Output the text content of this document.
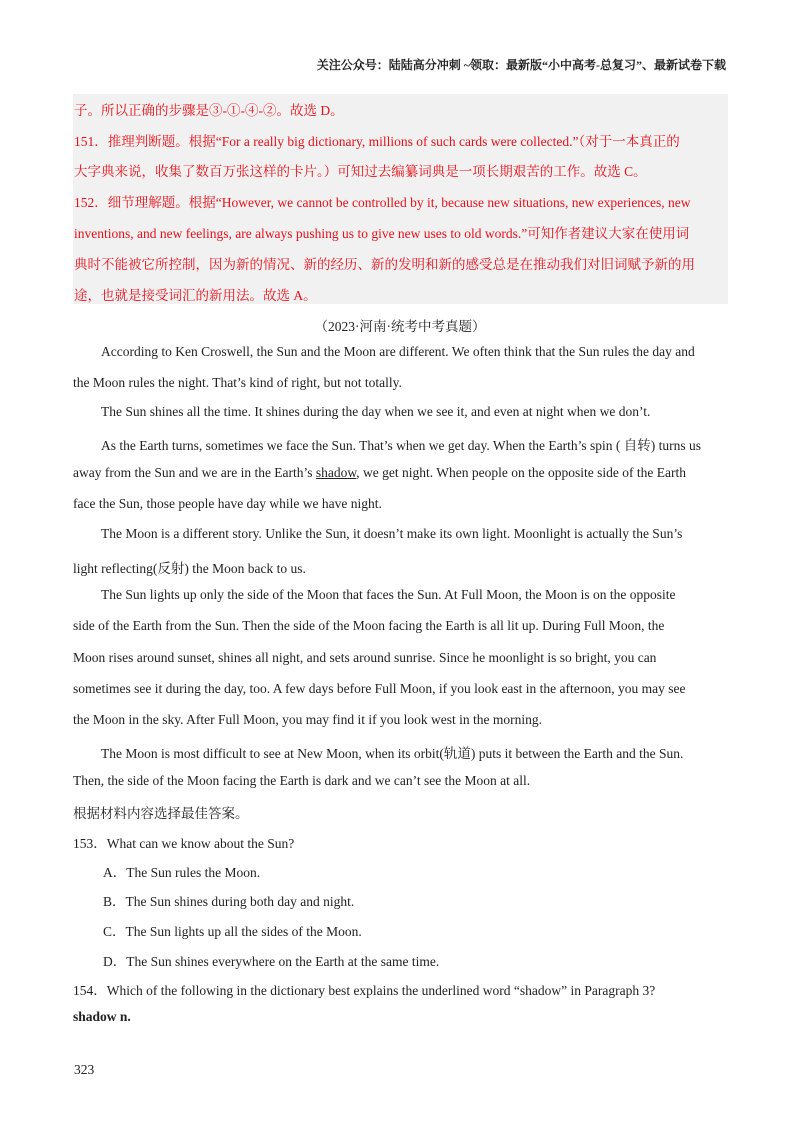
关注公众号：陆陆高分冲刺 ~领取：最新版“小中高考-总复习”、最新试卷下载
子。所以正确的步骤是③-①-④-②。故选 D。
151．推理判断题。根据“For a really big dictionary, millions of such cards were collected.”（对于一本真正的
大字典来说，收集了数百万张这样的卡片。）可知过去编纂词典是一项长期艰苦的工作。故选 C。
152．细节理解题。根据“However, we cannot be controlled by it, because new situations, new experiences, new
inventions, and new feelings, are always pushing us to give new uses to old words.”可知作者建议大家在使用词
典时不能被它所控制，因为新的情况、新的经历、新的发明和新的感受总是在推动我们对旧词赋予新的用
途，也就是接受词汇的新用法。故选 A。
（2023·河南·统考中考真题）
According to Ken Croswell, the Sun and the Moon are different. We often think that the Sun rules the day and
the Moon rules the night. That’s kind of right, but not totally.
The Sun shines all the time. It shines during the day when we see it, and even at night when we don’t.
As the Earth turns, sometimes we face the Sun. That’s when we get day. When the Earth’s spin ( 自转) turns us
away from the Sun and we are in the Earth’s shadow, we get night. When people on the opposite side of the Earth
face the Sun, those people have day while we have night.
The Moon is a different story. Unlike the Sun, it doesn’t make its own light. Moonlight is actually the Sun’s
light reflecting(反射) the Moon back to us.
The Sun lights up only the side of the Moon that faces the Sun. At Full Moon, the Moon is on the opposite
side of the Earth from the Sun. Then the side of the Moon facing the Earth is all lit up. During Full Moon, the
Moon rises around sunset, shines all night, and sets around sunrise. Since he moonlight is so bright, you can
sometimes see it during the day, too. A few days before Full Moon, if you look east in the afternoon, you may see
the Moon in the sky. After Full Moon, you may find it if you look west in the morning.
The Moon is most difficult to see at New Moon, when its orbit(轨道) puts it between the Earth and the Sun.
Then, the side of the Moon facing the Earth is dark and we can’t see the Moon at all.
根据材料内容选择最佳答案。
153．What can we know about the Sun?
A．The Sun rules the Moon.
B．The Sun shines during both day and night.
C．The Sun lights up all the sides of the Moon.
D．The Sun shines everywhere on the Earth at the same time.
154．Which of the following in the dictionary best explains the underlined word “shadow” in Paragraph 3?
shadow n.
323
